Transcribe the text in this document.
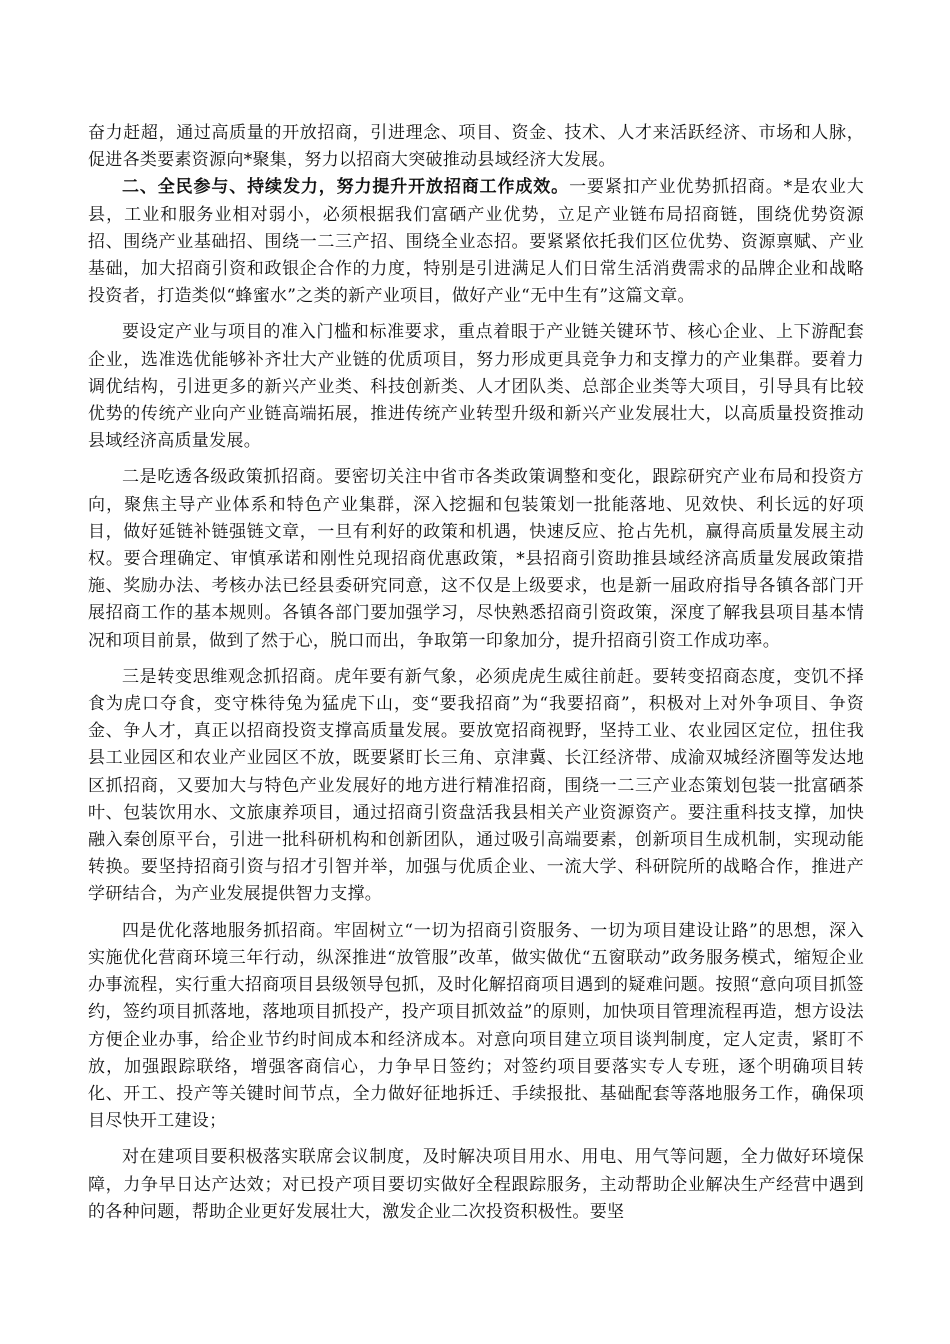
奋力赶超，通过高质量的开放招商，引进理念、项目、资金、技术、人才来活跃经济、市场和人脉，促进各类要素资源向*聚集，努力以招商大突破推动县域经济大发展。

二、全民参与、持续发力，努力提升开放招商工作成效。一要紧扣产业优势抓招商。*是农业大县，工业和服务业相对弱小，必须根据我们富硒产业优势，立足产业链布局招商链，围绕优势资源招、围绕产业基础招、围绕一二三产招、围绕全业态招。要紧紧依托我们区位优势、资源禀赋、产业基础，加大招商引资和政银企合作的力度，特别是引进满足人们日常生活消费需求的品牌企业和战略投资者，打造类似“蜂蜜水”之类的新产业项目，做好产业“无中生有”这篇文章。

要设定产业与项目的准入门槛和标准要求，重点着眼于产业链关键环节、核心企业、上下游配套企业，选准选优能够补齐壮大产业链的优质项目，努力形成更具竞争力和支撑力的产业集群。要着力调优结构，引进更多的新兴产业类、科技创新类、人才团队类、总部企业类等大项目，引导具有比较优势的传统产业向产业链高端拓展，推进传统产业转型升级和新兴产业发展壮大，以高质量投资推动县域经济高质量发展。

二是吃透各级政策抓招商。要密切关注中省市各类政策调整和变化，跟踪研究产业布局和投资方向，聚焦主导产业体系和特色产业集群，深入挖掘和包装策划一批能落地、见效快、利长远的好项目，做好延链补链强链文章，一旦有利好的政策和机遇，快速反应、抢占先机，赢得高质量发展主动权。要合理确定、审慎承诺和刚性兑现招商优惠政策，*县招商引资助推县域经济高质量发展政策措施、奖励办法、考核办法已经县委研究同意，这不仅是上级要求，也是新一届政府指导各镇各部门开展招商工作的基本规则。各镇各部门要加强学习，尽快熟悉招商引资政策，深度了解我县项目基本情况和项目前景，做到了然于心，脱口而出，争取第一印象加分，提升招商引资工作成功率。

三是转变思维观念抓招商。虎年要有新气象，必须虎虎生威往前赶。要转变招商态度，变饥不择食为虎口夺食，变守株待兔为猛虎下山，变“要我招商”为“我要招商”，积极对上对外争项目、争资金、争人才，真正以招商投资支撑高质量发展。要放宽招商视野，坚持工业、农业园区定位，扭住我县工业园区和农业产业园区不放，既要紧盯长三角、京津冀、长江经济带、成渝双城经济圈等发达地区抓招商，又要加大与特色产业发展好的地方进行精准招商，围绕一二三产业态策划包装一批富硒茶叶、包装饮用水、文旅康养项目，通过招商引资盘活我县相关产业资源资产。要注重科技支撑，加快融入秦创原平台，引进一批科研机构和创新团队，通过吸引高端要素，创新项目生成机制，实现动能转换。要坚持招商引资与招才引智并举，加强与优质企业、一流大学、科研院所的战略合作，推进产学研结合，为产业发展提供智力支撑。

四是优化落地服务抓招商。牢固树立“一切为招商引资服务、一切为项目建设让路”的思想，深入实施优化营商环境三年行动，纵深推进“放管服”改革，做实做优“五窗联动”政务服务模式，缩短企业办事流程，实行重大招商项目县级领导包抓，及时化解招商项目遇到的疑难问题。按照“意向项目抓签约，签约项目抓落地，落地项目抓投产，投产项目抓效益”的原则，加快项目管理流程再造，想方设法方便企业办事，给企业节约时间成本和经济成本。对意向项目建立项目谈判制度，定人定责，紧盯不放，加强跟踪联络，增强客商信心，力争早日签约；对签约项目要落实专人专班，逐个明确项目转化、开工、投产等关键时间节点，全力做好征地拆迁、手续报批、基础配套等落地服务工作，确保项目尽快开工建设；

对在建项目要积极落实联席会议制度，及时解决项目用水、用电、用气等问题，全力做好环境保障，力争早日达产达效；对已投产项目要切实做好全程跟踪服务，主动帮助企业解决生产经营中遇到的各种问题，帮助企业更好发展壮大，激发企业二次投资积极性。要坚
